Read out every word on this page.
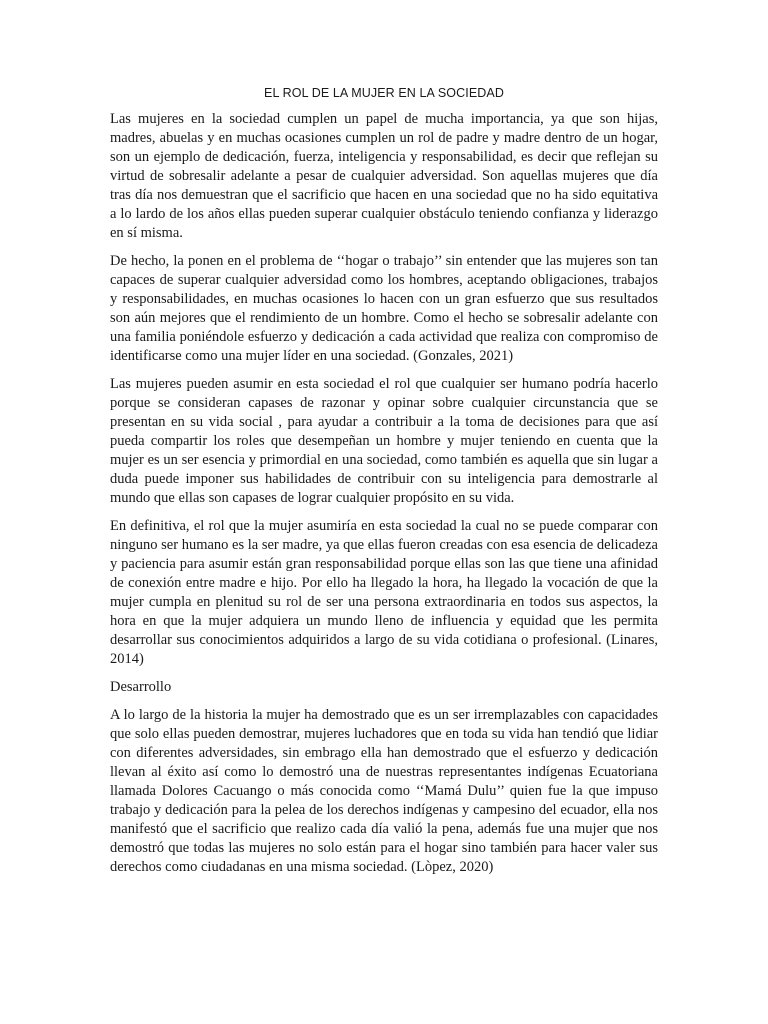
EL ROL DE LA MUJER EN LA SOCIEDAD

Las mujeres en la sociedad cumplen un papel de mucha importancia, ya que son hijas, madres, abuelas y en muchas ocasiones cumplen un rol de padre y madre dentro de un hogar, son un ejemplo de dedicación, fuerza, inteligencia y responsabilidad, es decir que reflejan su virtud de sobresalir adelante a pesar de cualquier adversidad. Son aquellas mujeres que día tras día nos demuestran que el sacrificio que hacen en una sociedad que no ha sido equitativa a lo lardo de los años ellas pueden superar cualquier obstáculo teniendo confianza y liderazgo en sí misma.

De hecho, la ponen en el problema de ‘‘hogar o trabajo’’ sin entender que las mujeres son tan capaces de superar cualquier adversidad como los hombres, aceptando obligaciones, trabajos y responsabilidades, en muchas ocasiones lo hacen con un gran esfuerzo que sus resultados son aún mejores que el rendimiento de un hombre. Como el hecho se sobresalir adelante con una familia poniéndole esfuerzo y dedicación a cada actividad que realiza con compromiso de identificarse como una mujer líder en una sociedad. (Gonzales, 2021)

Las mujeres pueden asumir en esta sociedad el rol que cualquier ser humano podría hacerlo porque se consideran capases de razonar y opinar sobre cualquier circunstancia que se presentan en su vida social , para ayudar a contribuir a la toma de decisiones para que así pueda compartir los roles que desempeñan un hombre y mujer teniendo en cuenta que la mujer es un ser esencia y primordial en una sociedad, como también es aquella que sin lugar a duda puede imponer sus habilidades de contribuir con su inteligencia para demostrarle al mundo que ellas son capases de lograr cualquier propósito en su vida.

En definitiva, el rol que la mujer asumiría en esta sociedad la cual no se puede comparar con ninguno ser humano es la ser madre, ya que ellas fueron creadas con esa esencia de delicadeza y paciencia para asumir están gran responsabilidad porque ellas son las que tiene una afinidad de conexión entre madre e hijo. Por ello ha llegado la hora, ha llegado la vocación de que la mujer cumpla en plenitud su rol de ser una persona extraordinaria en todos sus aspectos, la hora en que la mujer adquiera un mundo lleno de influencia y equidad que les permita desarrollar sus conocimientos adquiridos a largo de su vida cotidiana o profesional. (Linares, 2014)

Desarrollo

A lo largo de la historia la mujer ha demostrado que es un ser irremplazables con capacidades que solo ellas pueden demostrar, mujeres luchadores que en toda su vida han tendió que lidiar con diferentes adversidades, sin embrago ella han demostrado que el esfuerzo y dedicación llevan al éxito así como lo demostró una de nuestras representantes indígenas Ecuatoriana llamada Dolores Cacuango o más conocida como ‘‘Mamá Dulu’’ quien fue la que impuso trabajo y dedicación para la pelea de los derechos indígenas y campesino del ecuador, ella nos manifestó que el sacrificio que realizo cada día valió la pena, además fue una mujer que nos demostró que todas las mujeres no solo están para el hogar sino también para hacer valer sus derechos como ciudadanas en una misma sociedad. (Lòpez, 2020)
